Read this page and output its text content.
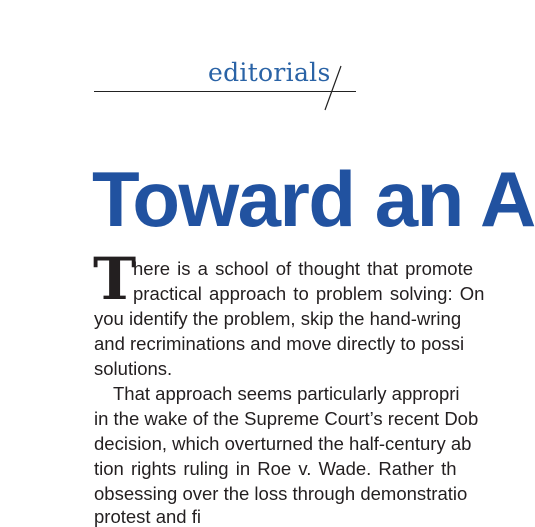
editorials
Toward an A
T
here is a school of thought that promote
practical approach to problem solving: On
you identify the problem, skip the hand-wring
and recriminations and move directly to possi
solutions.
That approach seems particularly appropri
in the wake of the Supreme Court’s recent Dob
decision, which overturned the half-century ab
tion rights ruling in Roe v. Wade. Rather th
obsessing over the loss through demonstratio
protest and fi
